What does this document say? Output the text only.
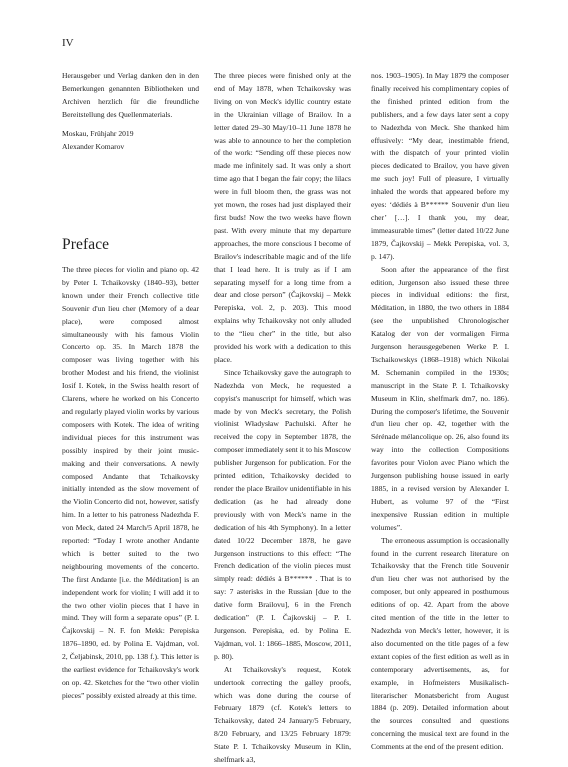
IV

Herausgeber und Verlag danken den in den Bemerkungen genannten Bibliotheken und Archiven herzlich für die freundliche Bereitstellung des Quellenmaterials.

Moskau, Frühjahr 2019
Alexander Komarov
Preface

The three pieces for violin and piano op. 42 by Peter I. Tchaikovsky (1840–93), better known under their French collective title Souvenir d'un lieu cher (Memory of a dear place), were composed almost simultaneously with his famous Violin Concerto op. 35. In March 1878 the composer was living together with his brother Modest and his friend, the violinist Iosif I. Kotek, in the Swiss health resort of Clarens, where he worked on his Concerto and regularly played violin works by various composers with Kotek. The idea of writing individual pieces for this instrument was possibly inspired by their joint music-making and their conversations. A newly composed Andante that Tchaikovsky initially intended as the slow movement of the Violin Concerto did not, however, satisfy him. In a letter to his patroness Nadezhda F. von Meck, dated 24 March/5 April 1878, he reported: “Today I wrote another Andante which is better suited to the two neighbouring movements of the concerto. The first Andante [i.e. the Méditation] is an independent work for violin; I will add it to the two other violin pieces that I have in mind. They will form a separate opus” (P. I. Čajkovskij – N. F. fon Mekk: Perepiska 1876–1890, ed. by Polina E. Vajdman, vol. 2, Čeljabinsk, 2010, pp. 138 f.). This letter is the earliest evidence for Tchaikovsky's work on op. 42. Sketches for the “two other violin pieces” possibly existed already at this time.

The three pieces were finished only at the end of May 1878, when Tchaikovsky was living on von Meck's idyllic country estate in the Ukrainian village of Brailov. In a letter dated 29–30 May/10–11 June 1878 he was able to announce to her the completion of the work: “Sending off these pieces now made me infinitely sad. It was only a short time ago that I began the fair copy; the lilacs were in full bloom then, the grass was not yet mown, the roses had just displayed their first buds! Now the two weeks have flown past. With every minute that my departure approaches, the more conscious I become of Brailov's indescribable magic and of the life that I lead here. It is truly as if I am separating myself for a long time from a dear and close person” (Čajkovskij – Mekk Perepiska, vol. 2, p. 203). This mood explains why Tchaikovsky not only alluded to the “lieu cher” in the title, but also provided his work with a dedication to this place.

Since Tchaikovsky gave the autograph to Nadezhda von Meck, he requested a copyist's manuscript for himself, which was made by von Meck's secretary, the Polish violinist Władysław Pachulski. After he received the copy in September 1878, the composer immediately sent it to his Moscow publisher Jurgenson for publication. For the printed edition, Tchaikovsky decided to render the place Brailov unidentifiable in his dedication (as he had already done previously with von Meck's name in the dedication of his 4th Symphony). In a letter dated 10/22 December 1878, he gave Jurgenson instructions to this effect: “The French dedication of the violin pieces must simply read: dédiés à B****** . That is to say: 7 asterisks in the Russian [due to the dative form Brailovu], 6 in the French dedication” (P. I. Čajkovskij – P. I. Jurgenson. Perepiska, ed. by Polina E. Vajdman, vol. 1: 1866–1885, Moscow, 2011, p. 80).

At Tchaikovsky's request, Kotek undertook correcting the galley proofs, which was done during the course of February 1879 (cf. Kotek's letters to Tchaikovsky, dated 24 January/5 February, 8/20 February, and 13/25 February 1879: State P. I. Tchaikovsky Museum in Klin, shelfmark a3,

nos. 1903–1905). In May 1879 the composer finally received his complimentary copies of the finished printed edition from the publishers, and a few days later sent a copy to Nadezhda von Meck. She thanked him effusively: “My dear, inestimable friend, with the dispatch of your printed violin pieces dedicated to Brailov, you have given me such joy! Full of pleasure, I virtually inhaled the words that appeared before my eyes: ‘dédiés à B****** Souvenir d'un lieu cher’ […]. I thank you, my dear, immeasurable times” (letter dated 10/22 June 1879, Čajkovskij – Mekk Perepiska, vol. 3, p. 147).

Soon after the appearance of the first edition, Jurgenson also issued these three pieces in individual editions: the first, Méditation, in 1880, the two others in 1884 (see the unpublished Chronologischer Katalog der von der vormaligen Firma Jurgenson herausgegebenen Werke P. I. Tschaikowskys (1868–1918) which Nikolai M. Schemanin compiled in the 1930s; manuscript in the State P. I. Tchaikovsky Museum in Klin, shelfmark dm7, no. 186). During the composer's lifetime, the Souvenir d'un lieu cher op. 42, together with the Sérénade mélancolique op. 26, also found its way into the collection Compositions favorites pour Violon avec Piano which the Jurgenson publishing house issued in early 1885, in a revised version by Alexander I. Hubert, as volume 97 of the “First inexpensive Russian edition in multiple volumes”.

The erroneous assumption is occasionally found in the current research literature on Tchaikovsky that the French title Souvenir d'un lieu cher was not authorised by the composer, but only appeared in posthumous editions of op. 42. Apart from the above cited mention of the title in the letter to Nadezhda von Meck's letter, however, it is also documented on the title pages of a few extant copies of the first edition as well as in contemporary advertisements, as, for example, in Hofmeisters Musikalisch-literarischer Monatsbericht from August 1884 (p. 209). Detailed information about the sources consulted and questions concerning the musical text are found in the Comments at the end of the present edition.
